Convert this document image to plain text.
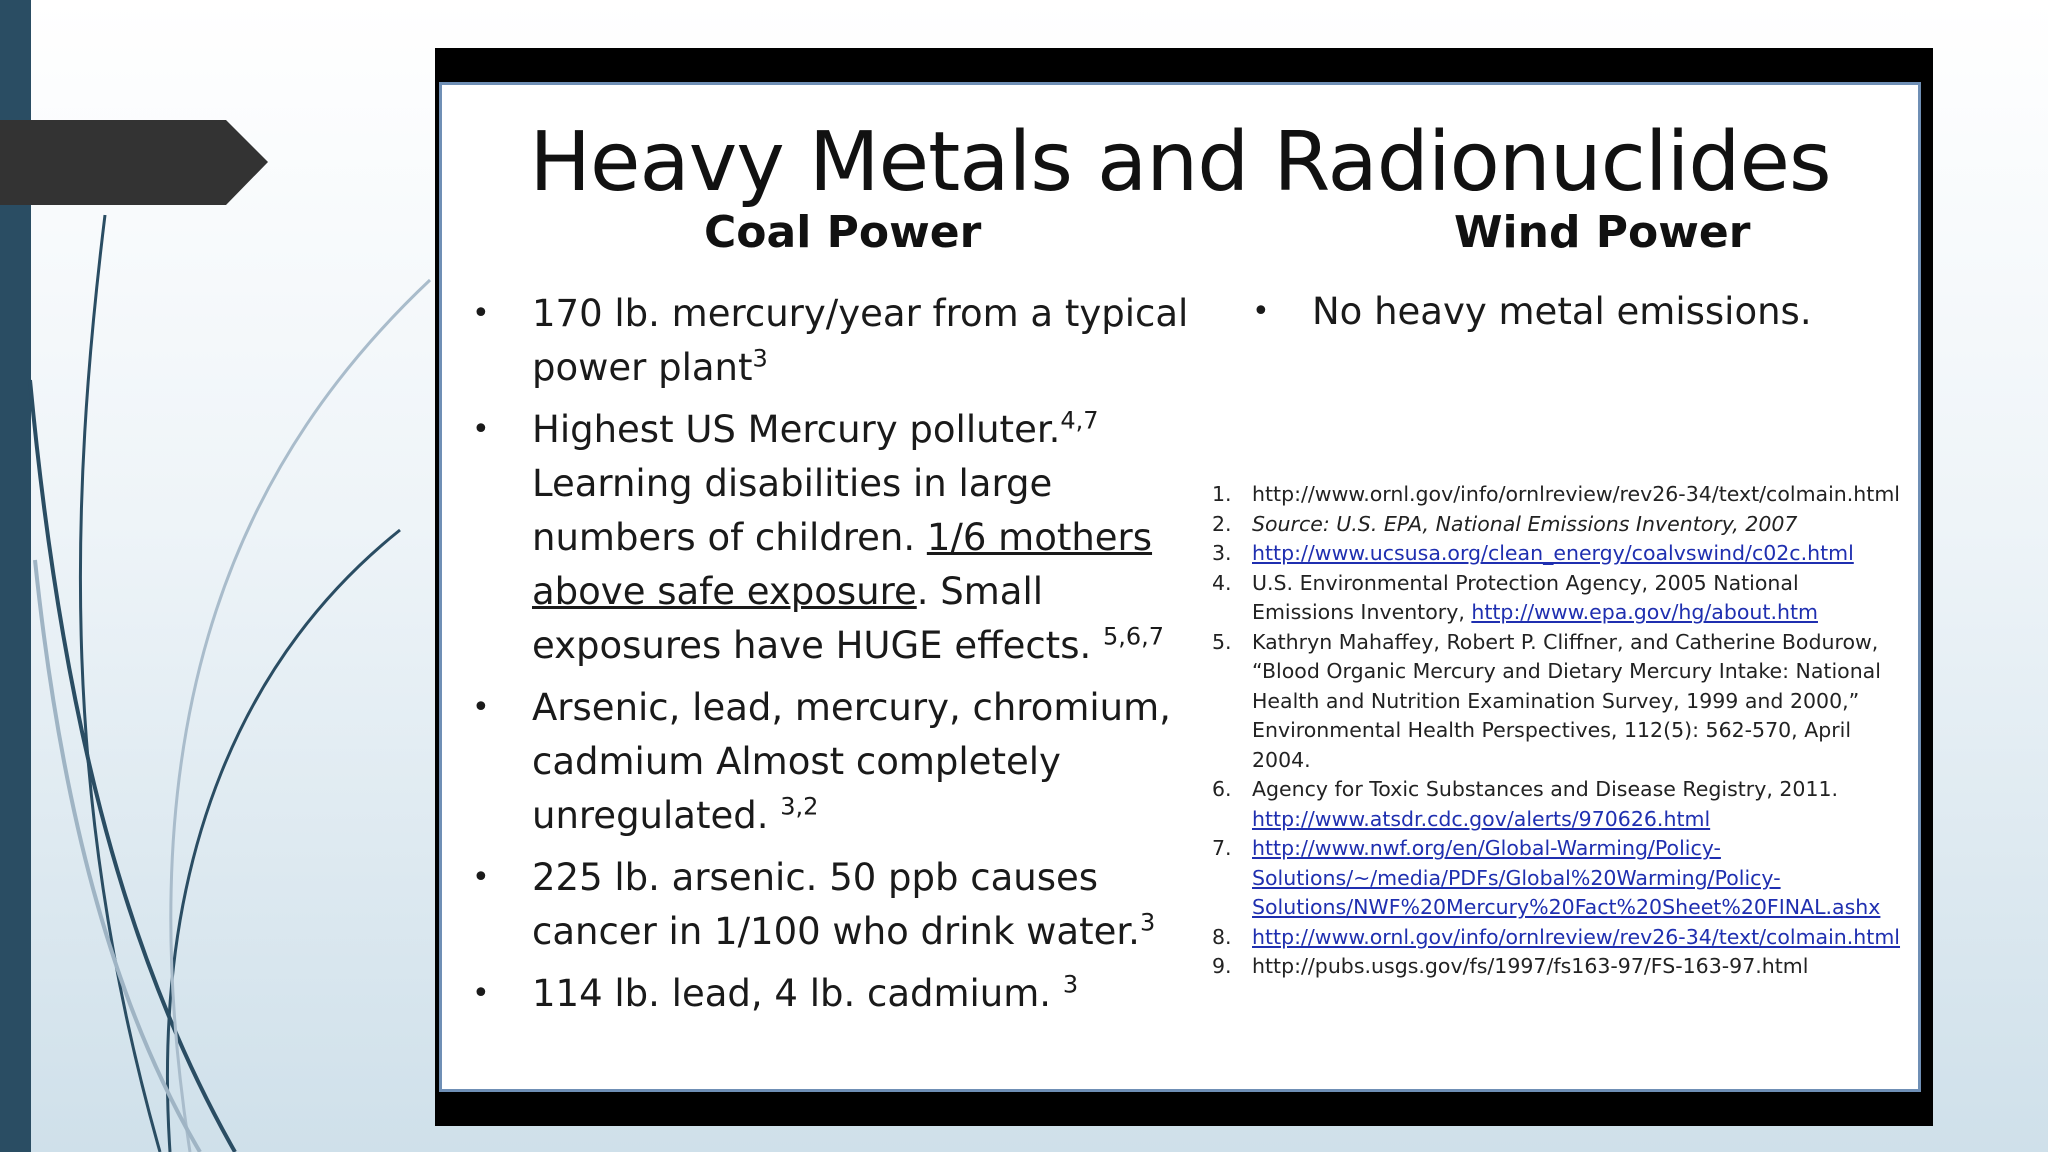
Heavy Metals and Radionuclides
Coal Power	Wind Power
• 170 lb. mercury/year from a typical power plant$^3$
• Highest US Mercury polluter.$^{4,7}$ Learning disabilities in large numbers of children. 1/6 mothers above safe exposure. Small exposures have HUGE effects. $^{5,6,7}$
• Arsenic, lead, mercury, chromium, cadmium Almost completely unregulated. $^{3,2}$
• 225 lb. arsenic. 50 ppb causes cancer in 1/100 who drink water.$^3$
• 114 lb. lead, 4 lb. cadmium. $^3$
• No heavy metal emissions.
1. http://www.ornl.gov/info/ornlreview/rev26-34/text/colmain.html
2. Source: U.S. EPA, National Emissions Inventory, 2007
3. http://www.ucsusa.org/clean_energy/coalvswind/c02c.html
4. U.S. Environmental Protection Agency, 2005 National Emissions Inventory, http://www.epa.gov/hg/about.htm
5. Kathryn Mahaffey, Robert P. Cliffner, and Catherine Bodurow, “Blood Organic Mercury and Dietary Mercury Intake: National Health and Nutrition Examination Survey, 1999 and 2000,” Environmental Health Perspectives, 112(5): 562-570, April 2004.
6. Agency for Toxic Substances and Disease Registry, 2011. http://www.atsdr.cdc.gov/alerts/970626.html
7. http://www.nwf.org/en/Global-Warming/Policy-Solutions/~/media/PDFs/Global%20Warming/Policy-Solutions/NWF%20Mercury%20Fact%20Sheet%20FINAL.ashx
8. http://www.ornl.gov/info/ornlreview/rev26-34/text/colmain.html
9. http://pubs.usgs.gov/fs/1997/fs163-97/FS-163-97.html
